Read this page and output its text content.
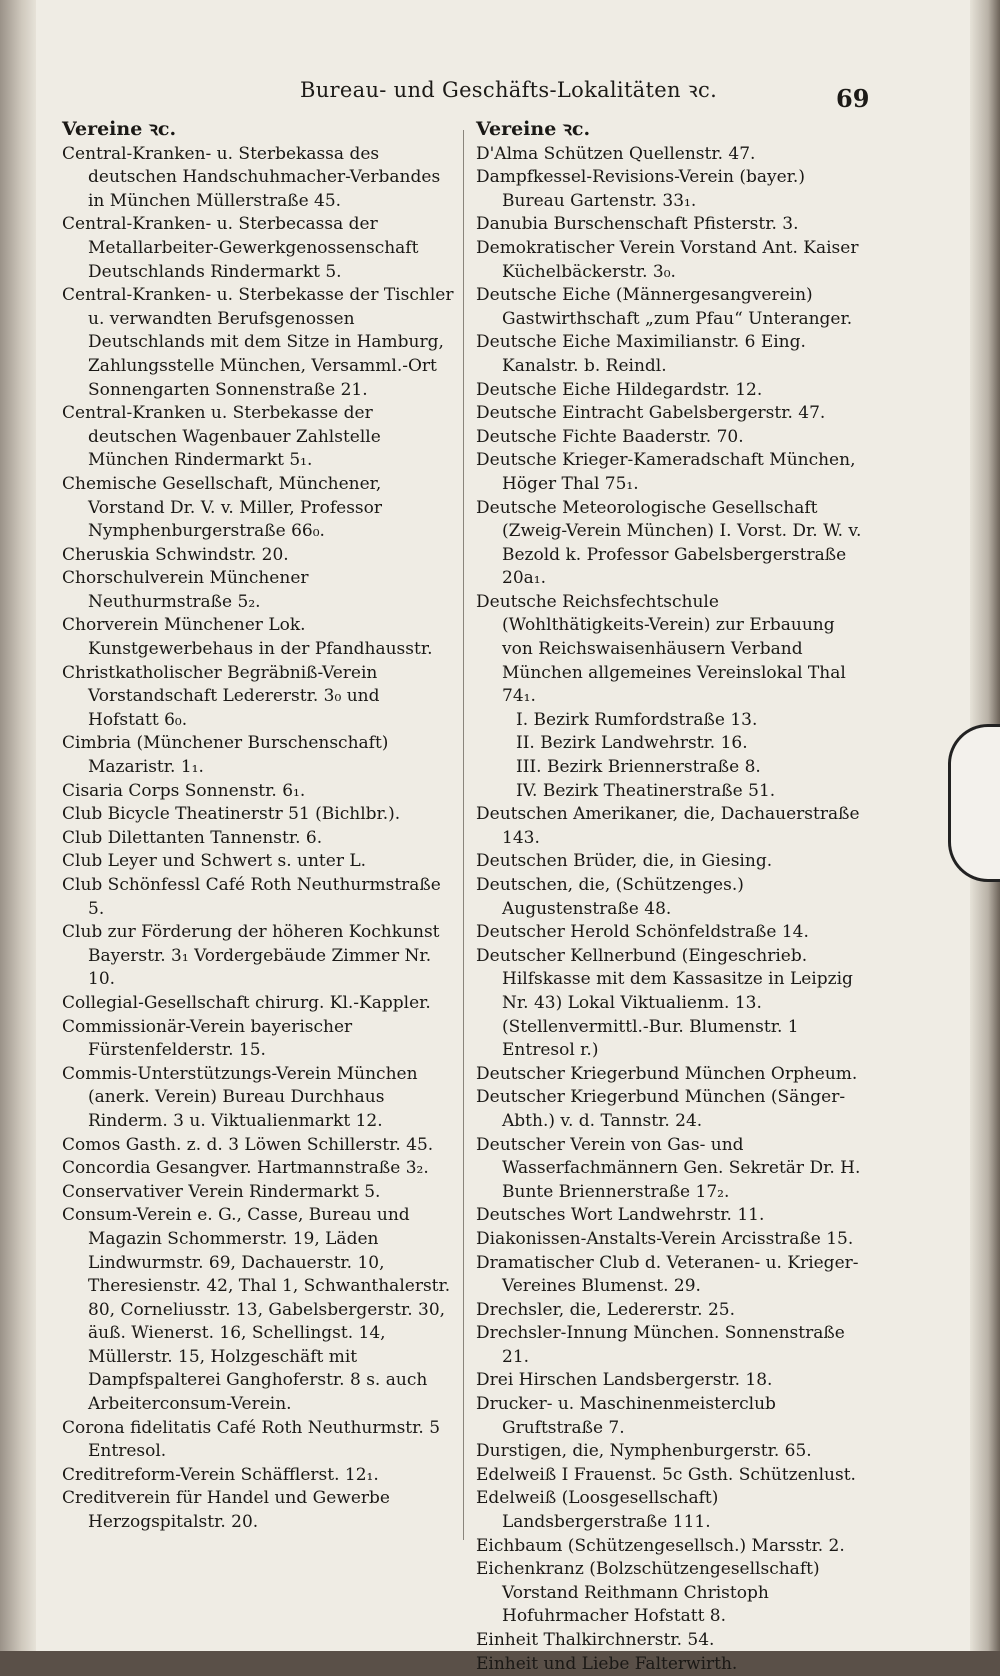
Bureau- und Geschäfts-Lokalitäten ꝛc.	69
Vereine ꝛc.

Central-Kranken- u. Sterbekassa des deutschen Handschuhmacher-Verbandes in München Müllerstraße 45.

Central-Kranken- u. Sterbecassa der Metallarbeiter-Gewerkgenossenschaft Deutschlands Rindermarkt 5.

Central-Kranken- u. Sterbekasse der Tischler u. verwandten Berufsgenossen Deutschlands mit dem Sitze in Hamburg, Zahlungsstelle München, Versamml.-Ort Sonnengarten Sonnenstraße 21.

Central-Kranken u. Sterbekasse der deutschen Wagenbauer Zahlstelle München Rindermarkt 5₁.

Chemische Gesellschaft, Münchener, Vorstand Dr. V. v. Miller, Professor Nymphenburgerstraße 66₀.

Cheruskia Schwindstr. 20.

Chorschulverein Münchener Neuthurmstraße 5₂.

Chorverein Münchener Lok. Kunstgewerbehaus in der Pfandhausstr.

Christkatholischer Begräbniß-Verein Vorstandschaft Ledererstr. 3₀ und Hofstatt 6₀.

Cimbria (Münchener Burschenschaft) Mazaristr. 1₁.

Cisaria Corps Sonnenstr. 6₁.

Club Bicycle Theatinerstr 51 (Bichlbr.).

Club Dilettanten Tannenstr. 6.

Club Leyer und Schwert s. unter L.

Club Schönfessl Café Roth Neuthurmstraße 5.

Club zur Förderung der höheren Kochkunst Bayerstr. 3₁ Vordergebäude Zimmer Nr. 10.

Collegial-Gesellschaft chirurg. Kl.-Kappler.

Commissionär-Verein bayerischer Fürstenfelderstr. 15.

Commis-Unterstützungs-Verein München (anerk. Verein) Bureau Durchhaus Rinderm. 3 u. Viktualienmarkt 12.

Comos Gasth. z. d. 3 Löwen Schillerstr. 45.

Concordia Gesangver. Hartmannstraße 3₂.

Conservativer Verein Rindermarkt 5.

Consum-Verein e. G., Casse, Bureau und Magazin Schommerstr. 19, Läden Lindwurmstr. 69, Dachauerstr. 10, Theresienstr. 42, Thal 1, Schwanthalerstr. 80, Corneliusstr. 13, Gabelsbergerstr. 30, äuß. Wienerst. 16, Schellingst. 14, Müllerstr. 15, Holzgeschäft mit Dampfspalterei Ganghoferstr. 8 s. auch Arbeiterconsum-Verein.

Corona fidelitatis Café Roth Neuthurmstr. 5 Entresol.

Creditreform-Verein Schäfflerst. 12₁.

Creditverein für Handel und Gewerbe Herzogspitalstr. 20.

Vereine ꝛc.

D'Alma Schützen Quellenstr. 47.

Dampfkessel-Revisions-Verein (bayer.) Bureau Gartenstr. 33₁.

Danubia Burschenschaft Pfisterstr. 3.

Demokratischer Verein Vorstand Ant. Kaiser Küchelbäckerstr. 3₀.

Deutsche Eiche (Männergesangverein) Gastwirthschaft „zum Pfau“ Unteranger.

Deutsche Eiche Maximilianstr. 6 Eing. Kanalstr. b. Reindl.

Deutsche Eiche Hildegardstr. 12.

Deutsche Eintracht Gabelsbergerstr. 47.

Deutsche Fichte Baaderstr. 70.

Deutsche Krieger-Kameradschaft München, Höger Thal 75₁.

Deutsche Meteorologische Gesellschaft (Zweig-Verein München) I. Vorst. Dr. W. v. Bezold k. Professor Gabelsbergerstraße 20a₁.

Deutsche Reichsfechtschule (Wohlthätigkeits-Verein) zur Erbauung von Reichswaisenhäusern Verband München allgemeines Vereinslokal Thal 74₁.

I. Bezirk Rumfordstraße 13.

II. Bezirk Landwehrstr. 16.

III. Bezirk Briennerstraße 8.

IV. Bezirk Theatinerstraße 51.

Deutschen Amerikaner, die, Dachauerstraße 143.

Deutschen Brüder, die, in Giesing.

Deutschen, die, (Schützenges.) Augustenstraße 48.

Deutscher Herold Schönfeldstraße 14.

Deutscher Kellnerbund (Eingeschrieb. Hilfskasse mit dem Kassasitze in Leipzig Nr. 43) Lokal Viktualienm. 13. (Stellenvermittl.-Bur. Blumenstr. 1 Entresol r.)

Deutscher Kriegerbund München Orpheum.

Deutscher Kriegerbund München (Sänger-Abth.) v. d. Tannstr. 24.

Deutscher Verein von Gas- und Wasserfachmännern Gen. Sekretär Dr. H. Bunte Briennerstraße 17₂.

Deutsches Wort Landwehrstr. 11.

Diakonissen-Anstalts-Verein Arcisstraße 15.

Dramatischer Club d. Veteranen- u. Krieger-Vereines Blumenst. 29.

Drechsler, die, Ledererstr. 25.

Drechsler-Innung München. Sonnenstraße 21.

Drei Hirschen Landsbergerstr. 18.

Drucker- u. Maschinenmeisterclub Gruftstraße 7.

Durstigen, die, Nymphenburgerstr. 65.

Edelweiß I Frauenst. 5c Gsth. Schützenlust.

Edelweiß (Loosgesellschaft) Landsbergerstraße 111.

Eichbaum (Schützengesellsch.) Marsstr. 2.

Eichenkranz (Bolzschützengesellschaft) Vorstand Reithmann Christoph Hofuhrmacher Hofstatt 8.

Einheit Thalkirchnerstr. 54.

Einheit und Liebe Falterwirth.
